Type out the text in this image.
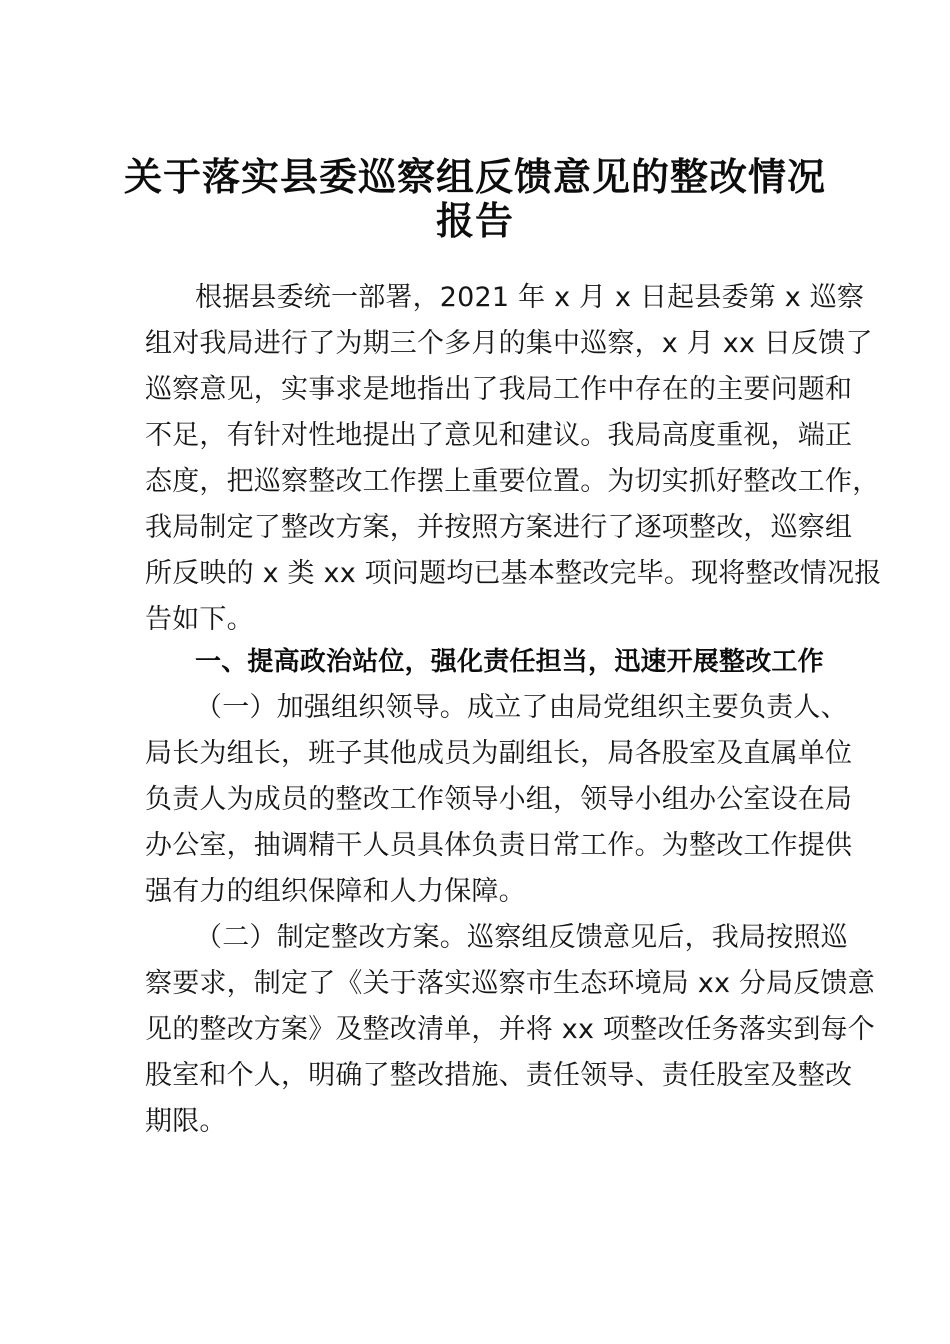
关于落实县委巡察组反馈意见的整改情况
报告
根据县委统一部署，2021 年 x 月 x 日起县委第 x 巡察
组对我局进行了为期三个多月的集中巡察，x 月 xx 日反馈了
巡察意见，实事求是地指出了我局工作中存在的主要问题和
不足，有针对性地提出了意见和建议。我局高度重视，端正
态度，把巡察整改工作摆上重要位置。为切实抓好整改工作，
我局制定了整改方案，并按照方案进行了逐项整改，巡察组
所反映的 x 类 xx 项问题均已基本整改完毕。现将整改情况报
告如下。
一、提高政治站位，强化责任担当，迅速开展整改工作
（一）加强组织领导。成立了由局党组织主要负责人、
局长为组长，班子其他成员为副组长，局各股室及直属单位
负责人为成员的整改工作领导小组，领导小组办公室设在局
办公室，抽调精干人员具体负责日常工作。为整改工作提供
强有力的组织保障和人力保障。
（二）制定整改方案。巡察组反馈意见后，我局按照巡
察要求，制定了《关于落实巡察市生态环境局 xx 分局反馈意
见的整改方案》及整改清单，并将 xx 项整改任务落实到每个
股室和个人，明确了整改措施、责任领导、责任股室及整改
期限。
